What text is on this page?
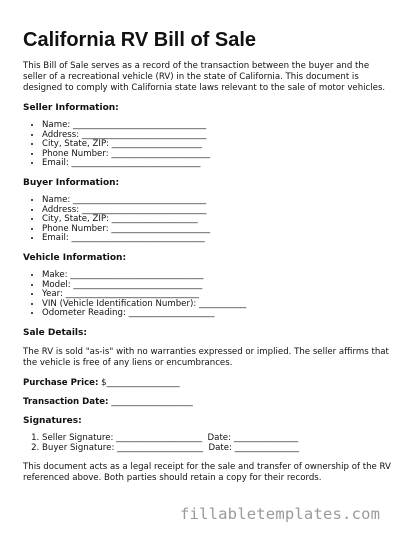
California RV Bill of Sale

This Bill of Sale serves as a record of the transaction between the buyer and the seller of a recreational vehicle (RV) in the state of California. This document is designed to comply with California state laws relevant to the sale of motor vehicles.

Seller Information:
• Name: _______________________________
• Address: _____________________________
• City, State, ZIP: _____________________
• Phone Number: _______________________
• Email: ______________________________
Buyer Information:
• Name: _______________________________
• Address: _____________________________
• City, State, ZIP: ____________________
• Phone Number: _______________________
• Email: _______________________________
Vehicle Information:
• Make: _______________________________
• Model: ______________________________
• Year: _______________________________
• VIN (Vehicle Identification Number): ___________
• Odometer Reading: ____________________
Sale Details:

The RV is sold "as-is" with no warranties expressed or implied. The seller affirms that the vehicle is free of any liens or encumbrances.

Purchase Price: $_________________

Transaction Date: ___________________

Signatures:
1. Seller Signature: ____________________  Date: _______________
2. Buyer Signature: ____________________  Date: _______________

This document acts as a legal receipt for the sale and transfer of ownership of the RV referenced above. Both parties should retain a copy for their records.

fillabletemplates.com
